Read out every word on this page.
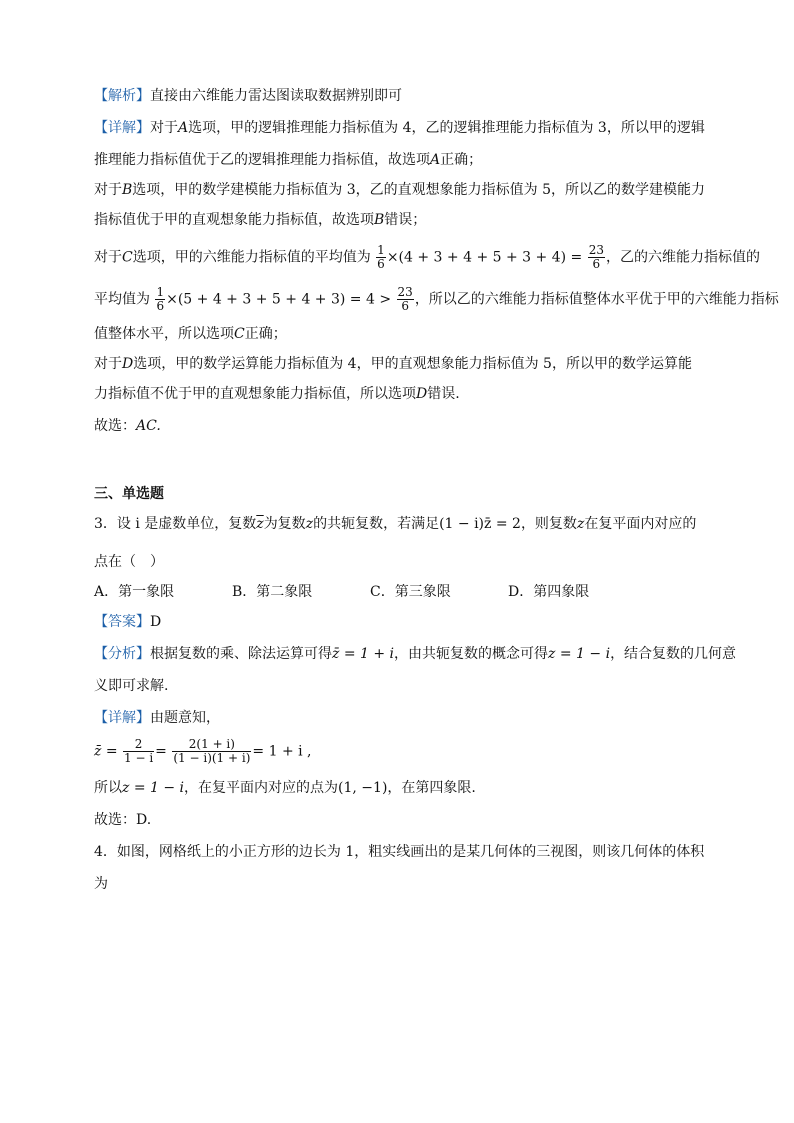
【解析】直接由六维能力雷达图读取数据辨别即可
【详解】对于A选项，甲的逻辑推理能力指标值为 4，乙的逻辑推理能力指标值为 3，所以甲的逻辑
推理能力指标值优于乙的逻辑推理能力指标值，故选项A正确；
对于B选项，甲的数学建模能力指标值为 3，乙的直观想象能力指标值为 5，所以乙的数学建模能力
指标值优于甲的直观想象能力指标值，故选项B错误；
对于C选项，甲的六维能力指标值的平均值为 $\frac{1}{6} \times(4 + 3 + 4 + 5 + 3 + 4) = \frac{23}{6}$ ，乙的六维能力指标值的
平均值为 $\frac{1}{6} \times(5 + 4 + 3 + 5 + 4 + 3) = 4 > \frac{23}{6}$ ，所以乙的六维能力指标值整体水平优于甲的六维能力指标
值整体水平，所以选项C正确；
对于D选项，甲的数学运算能力指标值为 4，甲的直观想象能力指标值为 5，所以甲的数学运算能
力指标值不优于甲的直观想象能力指标值，所以选项D错误.
故选：AC.
三、单选题
3．设 i 是虚数单位，复数$\overline{z}$为复数z的共轭复数，若满足(1 − i)z̄ = 2，则复数z在复平面内对应的
点在（　）
A．第一象限	B．第二象限	C．第三象限	D．第四象限
【答案】D
【分析】根据复数的乘、除法运算可得z̄ = 1 + i，由共轭复数的概念可得z = 1 − i，结合复数的几何意
义即可求解.
【详解】由题意知，
z̄ = $\frac{2}{1 - i} = \frac{2(1 + i)}{(1 - i)(1 + i)} = 1 + i$ ,
所以z = 1 − i，在复平面内对应的点为(1, −1)，在第四象限.
故选：D.
4．如图，网格纸上的小正方形的边长为 1，粗实线画出的是某几何体的三视图，则该几何体的体积
为
